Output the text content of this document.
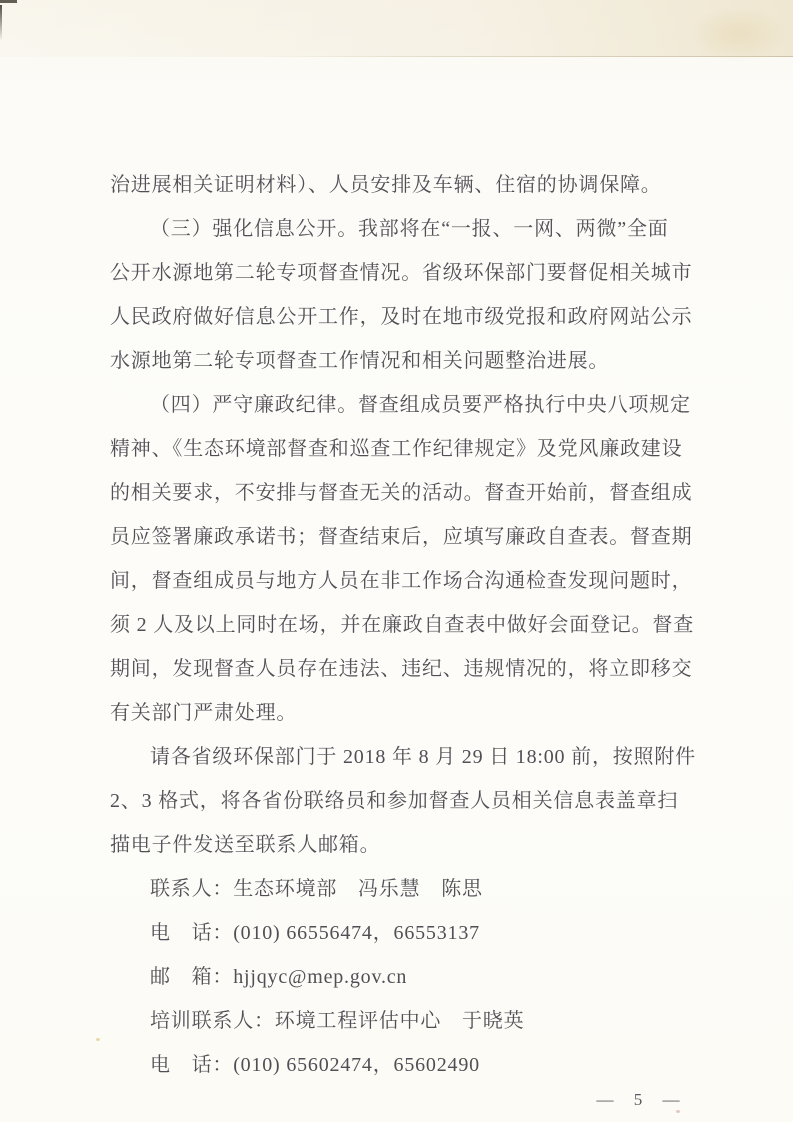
治进展相关证明材料）、人员安排及车辆、住宿的协调保障。
（三）强化信息公开。我部将在“一报、一网、两微”全面
公开水源地第二轮专项督查情况。省级环保部门要督促相关城市
人民政府做好信息公开工作，及时在地市级党报和政府网站公示
水源地第二轮专项督查工作情况和相关问题整治进展。
（四）严守廉政纪律。督查组成员要严格执行中央八项规定
精神、《生态环境部督查和巡查工作纪律规定》及党风廉政建设
的相关要求，不安排与督查无关的活动。督查开始前，督查组成
员应签署廉政承诺书；督查结束后，应填写廉政自查表。督查期
间，督查组成员与地方人员在非工作场合沟通检查发现问题时，
须 2 人及以上同时在场，并在廉政自查表中做好会面登记。督查
期间，发现督查人员存在违法、违纪、违规情况的，将立即移交
有关部门严肃处理。
请各省级环保部门于 2018 年 8 月 29 日 18:00 前，按照附件
2、3 格式，将各省份联络员和参加督查人员相关信息表盖章扫
描电子件发送至联系人邮箱。
联系人：生态环境部　冯乐慧　陈思
电　话：(010) 66556474，66553137
邮　箱：hjjqyc@mep.gov.cn
培训联系人：环境工程评估中心　于晓英
电　话：(010) 65602474，65602490
— 5 —
